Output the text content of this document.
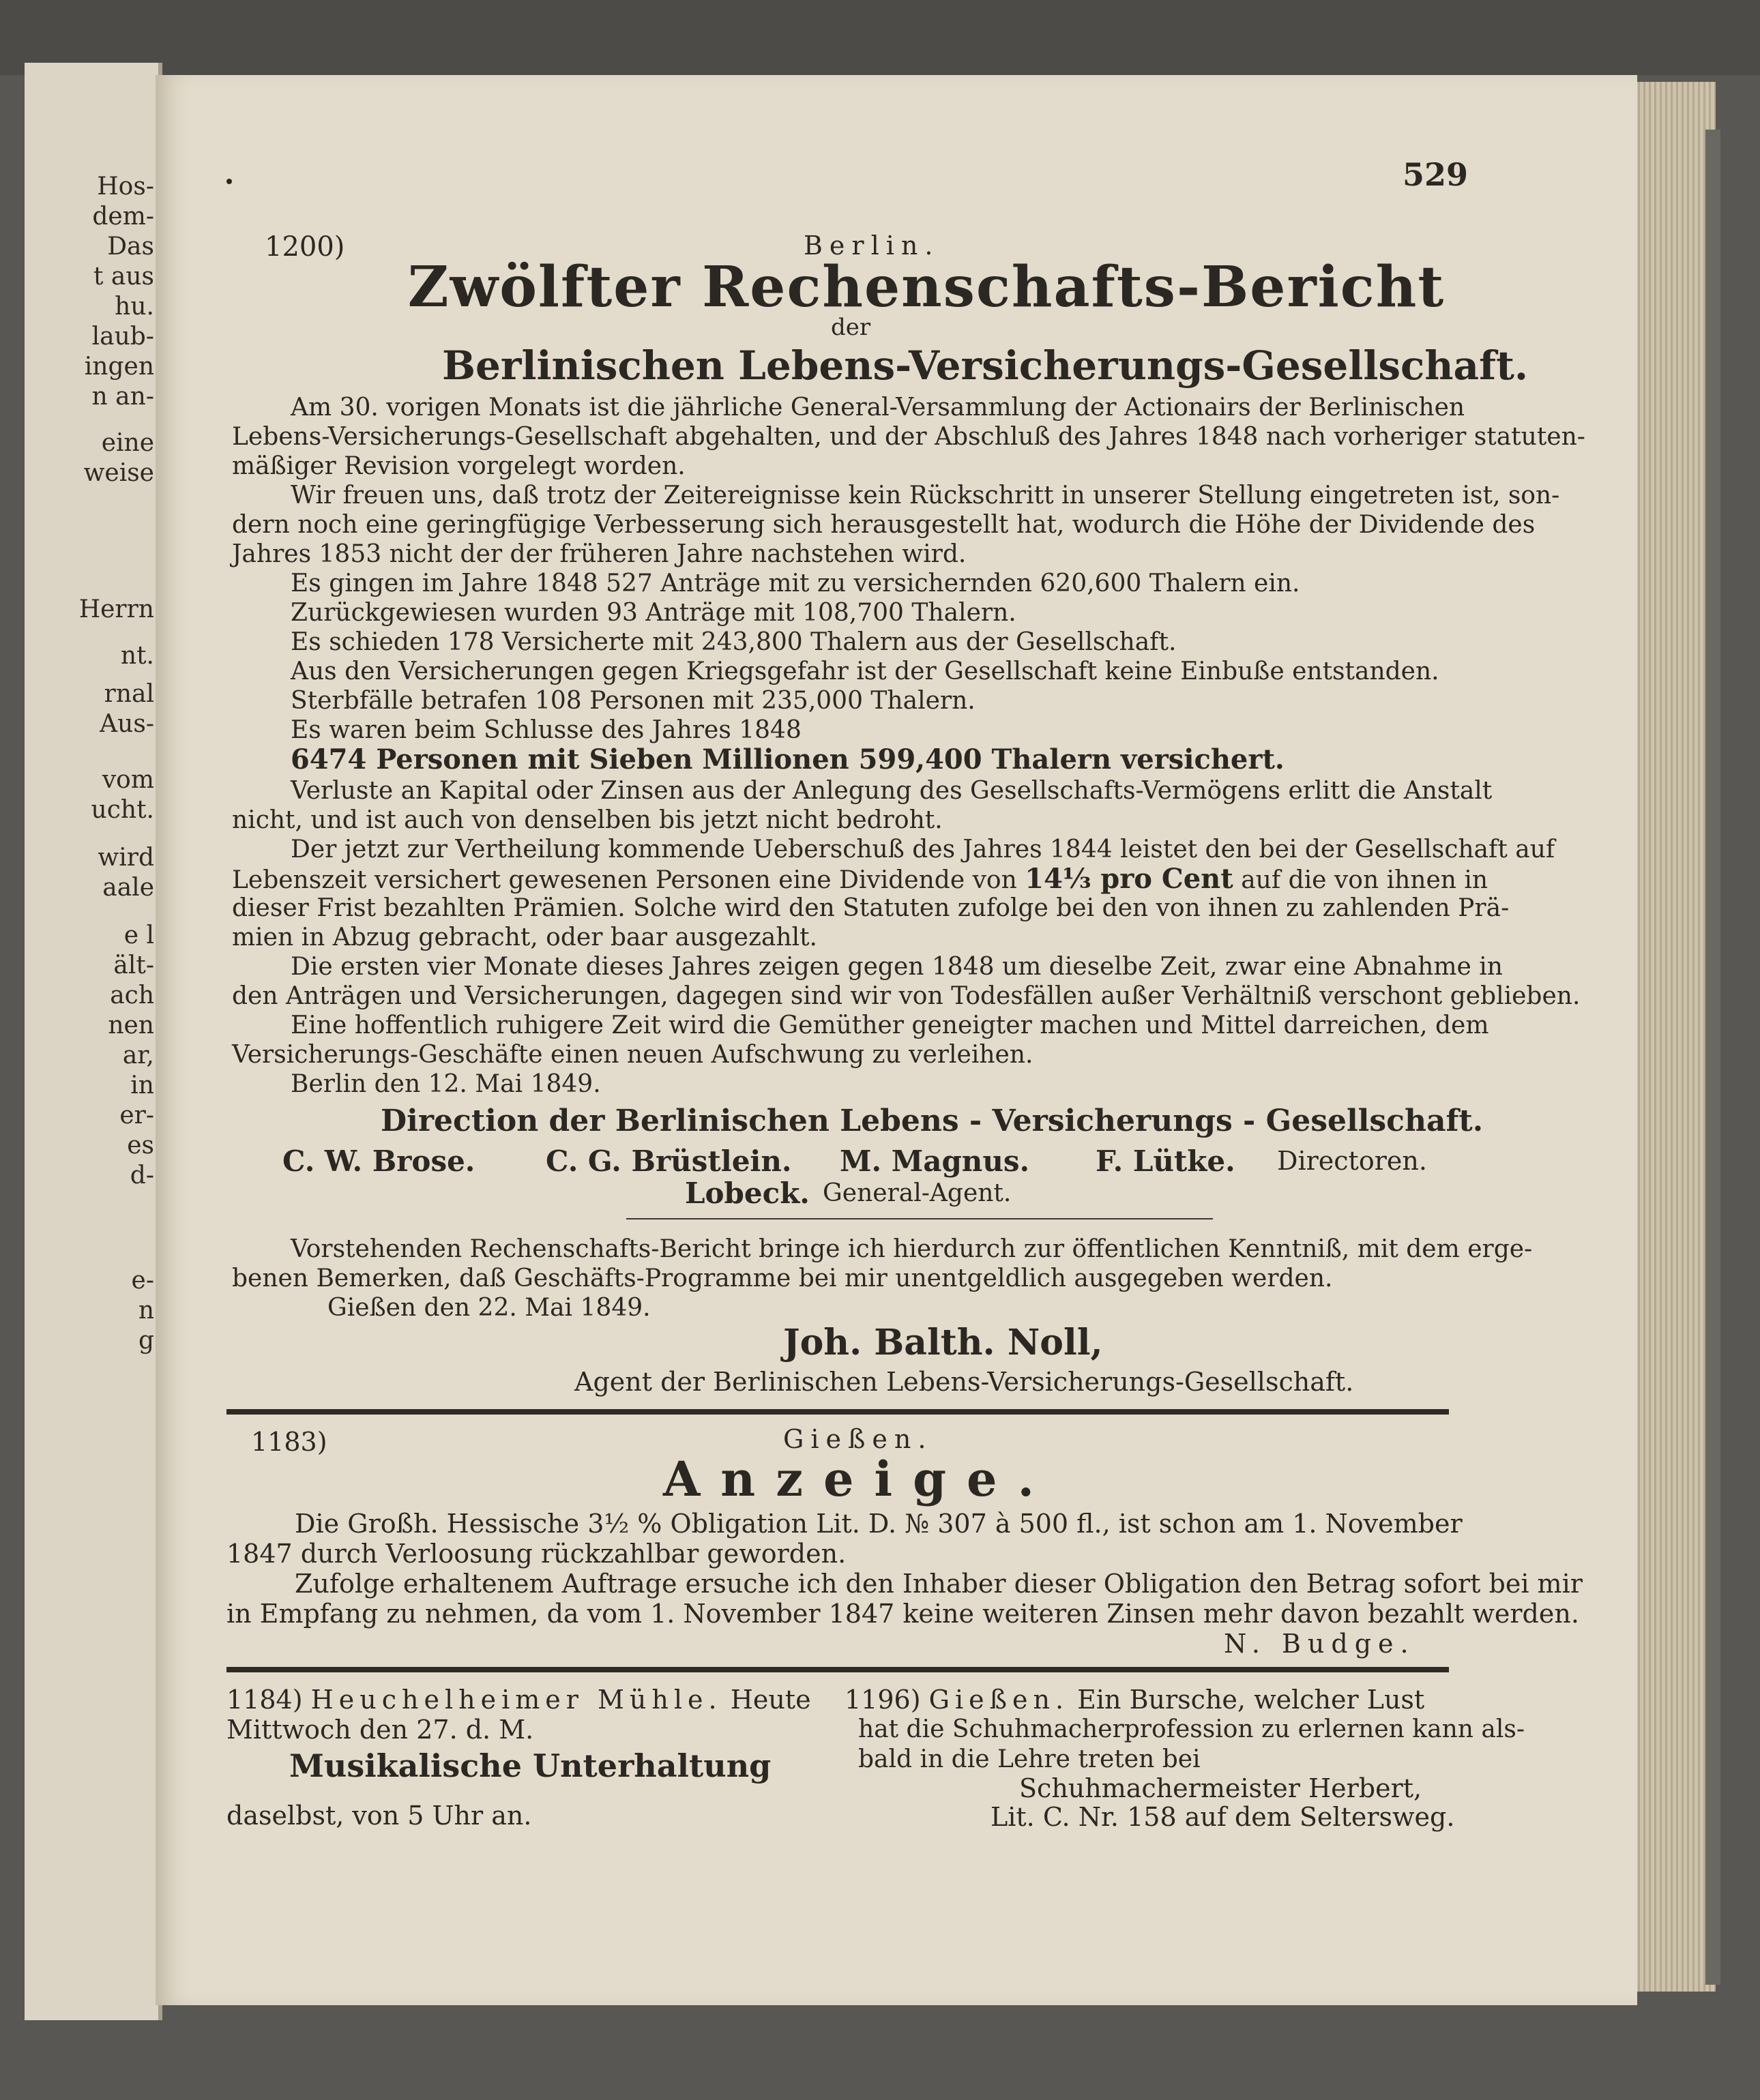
Hos-
dem-
Das
t aus
hu.
laub-
ingen
n an-
eine
weise
Herrn
nt.
rnal
Aus-
vom
ucht.
wird
aale
e l
ält-
ach
nen
ar,
in
er-
es
d-
e-
n
g
529
1200)	Berlin.
Zwölfter Rechenschafts-Bericht
der
Berlinischen Lebens-Versicherungs-Gesellschaft.
Am 30. vorigen Monats ist die jährliche General-Versammlung der Actionairs der Berlinischen
Lebens-Versicherungs-Gesellschaft abgehalten, und der Abschluß des Jahres 1848 nach vorheriger statuten-
mäßiger Revision vorgelegt worden.
Wir freuen uns, daß trotz der Zeitereignisse kein Rückschritt in unserer Stellung eingetreten ist, son-
dern noch eine geringfügige Verbesserung sich herausgestellt hat, wodurch die Höhe der Dividende des
Jahres 1853 nicht der der früheren Jahre nachstehen wird.
Es gingen im Jahre 1848 527 Anträge mit zu versichernden 620,600 Thalern ein.
Zurückgewiesen wurden 93 Anträge mit 108,700 Thalern.
Es schieden 178 Versicherte mit 243,800 Thalern aus der Gesellschaft.
Aus den Versicherungen gegen Kriegsgefahr ist der Gesellschaft keine Einbuße entstanden.
Sterbfälle betrafen 108 Personen mit 235,000 Thalern.
Es waren beim Schlusse des Jahres 1848
6474 Personen mit Sieben Millionen 599,400 Thalern versichert.
Verluste an Kapital oder Zinsen aus der Anlegung des Gesellschafts-Vermögens erlitt die Anstalt
nicht, und ist auch von denselben bis jetzt nicht bedroht.
Der jetzt zur Vertheilung kommende Ueberschuß des Jahres 1844 leistet den bei der Gesellschaft auf
Lebenszeit versichert gewesenen Personen eine Dividende von 14⅓ pro Cent auf die von ihnen in
dieser Frist bezahlten Prämien. Solche wird den Statuten zufolge bei den von ihnen zu zahlenden Prä-
mien in Abzug gebracht, oder baar ausgezahlt.
Die ersten vier Monate dieses Jahres zeigen gegen 1848 um dieselbe Zeit, zwar eine Abnahme in
den Anträgen und Versicherungen, dagegen sind wir von Todesfällen außer Verhältniß verschont geblieben.
Eine hoffentlich ruhigere Zeit wird die Gemüther geneigter machen und Mittel darreichen, dem
Versicherungs-Geschäfte einen neuen Aufschwung zu verleihen.
Berlin den 12. Mai 1849.
Direction der Berlinischen Lebens - Versicherungs - Gesellschaft.
C. W. Brose. C. G. Brüstlein. M. Magnus. F. Lütke. Directoren.
Lobeck. General-Agent.
Vorstehenden Rechenschafts-Bericht bringe ich hierdurch zur öffentlichen Kenntniß, mit dem erge-
benen Bemerken, daß Geschäfts-Programme bei mir unentgeldlich ausgegeben werden.
Gießen den 22. Mai 1849.
Joh. Balth. Noll,
Agent der Berlinischen Lebens-Versicherungs-Gesellschaft.
1183)	Gießen.
Anzeige.
Die Großh. Hessische 3½ % Obligation Lit. D. № 307 à 500 fl., ist schon am 1. November
1847 durch Verloosung rückzahlbar geworden.
Zufolge erhaltenem Auftrage ersuche ich den Inhaber dieser Obligation den Betrag sofort bei mir
in Empfang zu nehmen, da vom 1. November 1847 keine weiteren Zinsen mehr davon bezahlt werden.
N. Budge.
1184) Heuchelheimer Mühle. Heute
Mittwoch den 27. d. M.
Musikalische Unterhaltung
daselbst, von 5 Uhr an.
1196) Gießen. Ein Bursche, welcher Lust
hat die Schuhmacherprofession zu erlernen kann als-
bald in die Lehre treten bei
Schuhmachermeister Herbert,
Lit. C. Nr. 158 auf dem Seltersweg.
